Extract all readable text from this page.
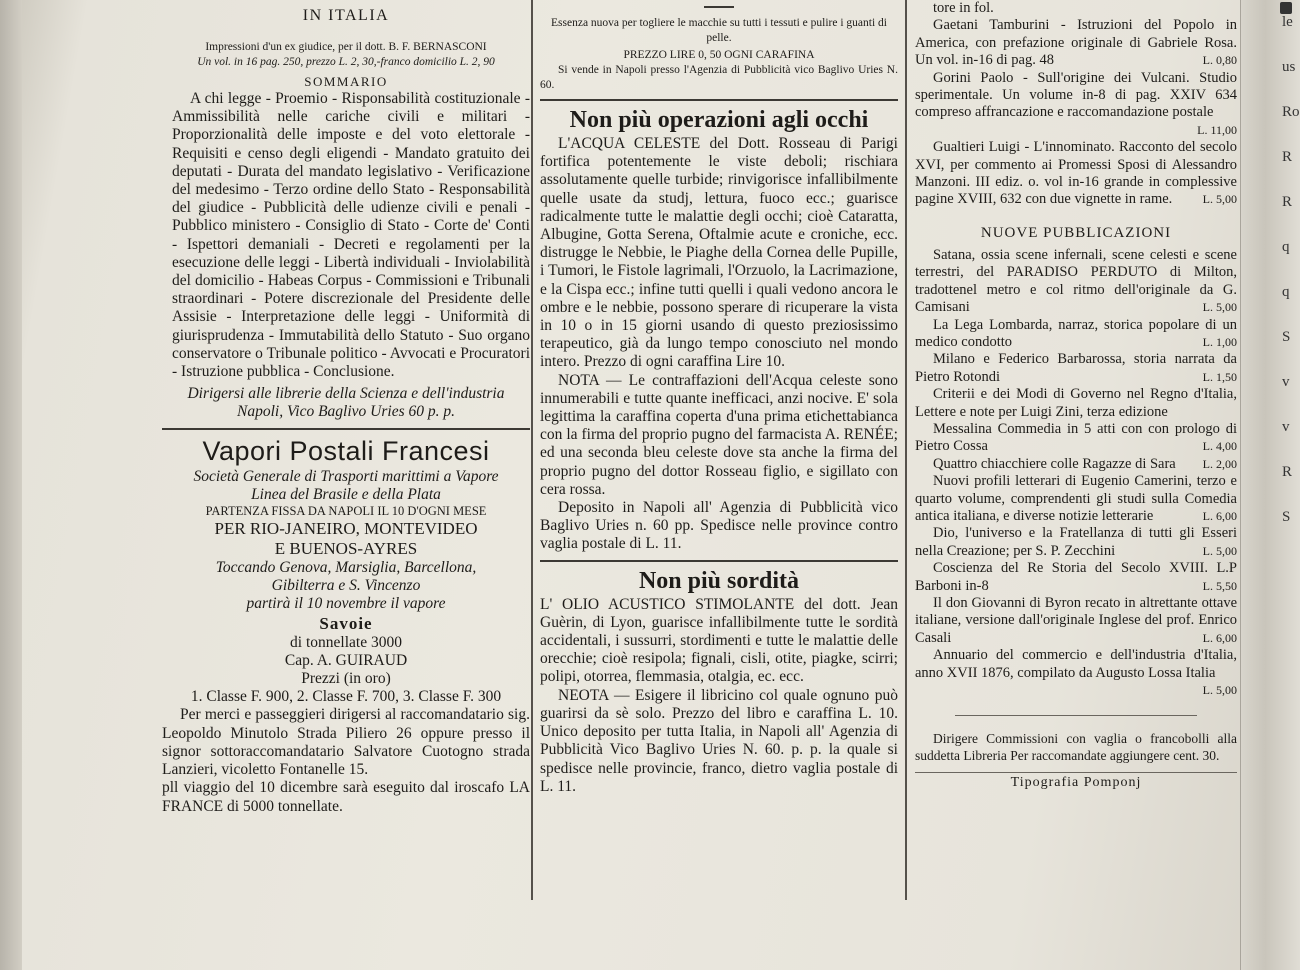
IN ITALIA
Impressioni d'un ex giudice, per il dott. B. F. BERNASCONI
Un vol. in 16 pag. 250, prezzo L. 2, 30,-franco domicilio L. 2, 90
SOMMARIO

A chi legge - Proemio - Risponsabilità costituzionale - Ammissibilità nelle cariche civili e militari - Proporzionalità delle imposte e del voto elettorale - Requisiti e censo degli eligendi - Mandato gratuito dei deputati - Durata del mandato legislativo - Verificazione del medesimo - Terzo ordine dello Stato - Responsabilità del giudice - Pubblicità delle udienze civili e penali - Pubblico ministero - Consiglio di Stato - Corte de' Conti - Ispettori demaniali - Decreti e regolamenti per la esecuzione delle leggi - Libertà individuali - Inviolabilità del domicilio - Habeas Corpus - Commissioni e Tribunali straordinari - Potere discrezionale del Presidente delle Assisie - Interpretazione delle leggi - Uniformità di giurisprudenza - Immutabilità dello Statuto - Suo organo conservatore o Tribunale politico - Avvocati e Procuratori - Istruzione pubblica - Conclusione.

Dirigersi alle librerie della Scienza e dell'industria

Napoli, Vico Baglivo Uries 60 p. p.

Vapori Postali Francesi
Società Generale di Trasporti marittimi a Vapore
Linea del Brasile e della Plata
PARTENZA FISSA DA NAPOLI IL 10 D'OGNI MESE
PER RIO-JANEIRO, MONTEVIDEO
E BUENOS-AYRES
Toccando Genova, Marsiglia, Barcellona,
Gibilterra e S. Vincenzo
partirà il 10 novembre il vapore
Savoie
di tonnellate 3000
Cap. A. GUIRAUD
Prezzi (in oro)
1. Classe F. 900, 2. Classe F. 700, 3. Classe F. 300

Per merci e passeggieri dirigersi al raccomandatario sig. Leopoldo Minutolo Strada Piliero 26 oppure presso il signor sottoraccomandatario Salvatore Cuotogno strada Lanzieri, vicoletto Fontanelle 15.

pll viaggio del 10 dicembre sarà eseguito dal iroscafo LA FRANCE di 5000 tonnellate.

Essenza nuova per togliere le macchie su tutti i tessuti e pulire i guanti di pelle.

PREZZO LIRE 0, 50 OGNI CARAFINA

Si vende in Napoli presso l'Agenzia di Pubblicità vico Baglivo Uries N. 60.

Non più operazioni agli occhi

L'ACQUA CELESTE del Dott. Rosseau di Parigi fortifica potentemente le viste deboli; rischiara assolutamente quelle turbide; rinvigorisce infallibilmente quelle usate da studj, lettura, fuoco ecc.; guarisce radicalmente tutte le malattie degli occhi; cioè Cataratta, Albugine, Gotta Serena, Oftalmie acute e croniche, ecc. distrugge le Nebbie, le Piaghe della Cornea delle Pupille, i Tumori, le Fistole lagrimali, l'Orzuolo, la Lacrimazione, e la Cispa ecc.; infine tutti quelli i quali vedono ancora le ombre e le nebbie, possono sperare di ricuperare la vista in 10 o in 15 giorni usando di questo preziosissimo terapeutico, già da lungo tempo conosciuto nel mondo intero. Prezzo di ogni caraffina Lire 10.

NOTA — Le contraffazioni dell'Acqua celeste sono innumerabili e tutte quante inefficaci, anzi nocive. E' sola legittima la caraffina coperta d'una prima etichettabianca con la firma del proprio pugno del farmacista A. RENÉE; ed una seconda bleu celeste dove sta anche la firma del proprio pugno del dottor Rosseau figlio, e sigillato con cera rossa.

Deposito in Napoli all' Agenzia di Pubblicità vico Baglivo Uries n. 60 pp. Spedisce nelle province contro vaglia postale di L. 11.

Non più sordità

L' OLIO ACUSTICO STIMOLANTE del dott. Jean Guèrin, di Lyon, guarisce infallibilmente tutte le sordità accidentali, i sussurri, stordimenti e tutte le malattie delle orecchie; cioè resipola; fignali, cisli, otite, piagke, scirri; polipi, otorrea, flemmasia, otalgia, ec. ecc.

NEOTA — Esigere il libricino col quale ognuno può guarirsi da sè solo. Prezzo del libro e caraffina L. 10. Unico deposito per tutta Italia, in Napoli all' Agenzia di Pubblicità Vico Baglivo Uries N. 60. p. p. la quale si spedisce nelle provincie, franco, dietro vaglia postale di L. 11.

tore in fol.
Gaetani Tamburini - Istruzioni del Popolo in America, con prefazione originale di Gabriele Rosa. Un vol. in-16 di pag. 48	L. 0,80
Gorini Paolo - Sull'origine dei Vulcani. Studio sperimentale. Un volume in-8 di pag. XXIV 634 compreso affrancazione e raccomandazione postale
L. 11,00
Gualtieri Luigi - L'innominato. Racconto del secolo XVI, per commento ai Promessi Sposi di Alessandro Manzoni. III ediz. o. vol in-16 grande in complessive pagine XVIII, 632 con due vignette in rame.	L. 5,00
NUOVE PUBBLICAZIONI
Satana, ossia scene infernali, scene celesti e scene terrestri, del PARADISO PERDUTO di Milton, tradottenel metro e col ritmo dell'originale da G. Camisani	L. 5,00
La Lega Lombarda, narraz, storica popolare di un medico condotto	L. 1,00
Milano e Federico Barbarossa, storia narrata da Pietro Rotondi	L. 1,50
Criterii e dei Modi di Governo nel Regno d'Italia, Lettere e note per Luigi Zini, terza edizione
Messalina Commedia in 5 atti con con prologo di Pietro Cossa	L. 4,00
Quattro chiacchiere colle Ragazze di Sara	L. 2,00
Nuovi profili letterari di Eugenio Camerini, terzo e quarto volume, comprendenti gli studi sulla Comedia antica italiana, e diverse notizie letterarie	L. 6,00
Dio, l'universo e la Fratellanza di tutti gli Esseri nella Creazione; per S. P. Zecchini	L. 5,00
Coscienza del Re Storia del Secolo XVIII. L.P Barboni in-8	L. 5,50
Il don Giovanni di Byron recato in altrettante ottave italiane, versione dall'originale Inglese del prof. Enrico Casali	L. 6,00
Annuario del commercio e dell'industria d'Italia, anno XVII 1876, compilato da Augusto Lossa Italia
L. 5,00

Dirigere Commissioni con vaglia o francobolli alla suddetta Libreria Per raccomandate aggiungere cent. 30.

Tipografia Pomponj
le
us
Ro
R
R
q
q
S
v
v
R
S
